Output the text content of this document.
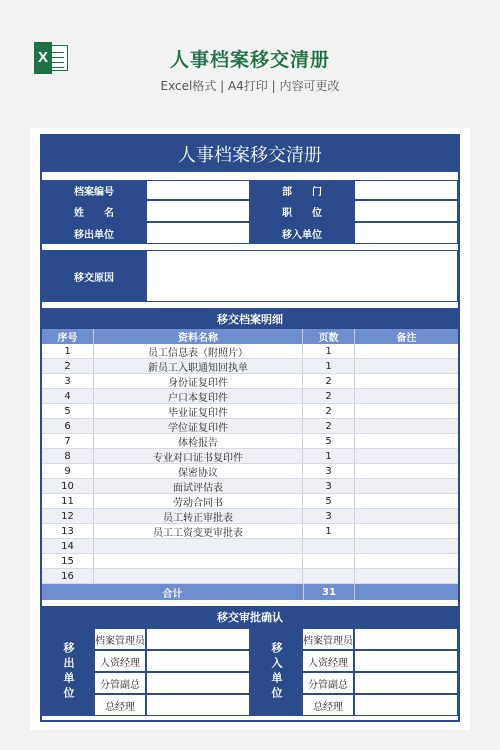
X	人事档案移交清册
Excel格式 | A4打印 | 内容可更改
人事档案移交清册
档案编号	部　　门
姓　　名	职　　位
移出单位	移入单位
移交原因
移交档案明细
序号	资料名称	页数	备注
1	员工信息表（附照片）	1
2	新员工入职通知回执单	1
3	身份证复印件	2
4	户口本复印件	2
5	毕业证复印件	2
6	学位证复印件	2
7	体检报告	5
8	专业对口证书复印件	1
9	保密协议	3
10	面试评估表	3
11	劳动合同书	5
12	员工转正审批表	3
13	员工工资变更审批表	1
14
15
16
合计	31
移交审批确认
移出单位
档案管理员
人资经理
分管副总
总经理
移入单位
档案管理员
人资经理
分管副总
总经理
